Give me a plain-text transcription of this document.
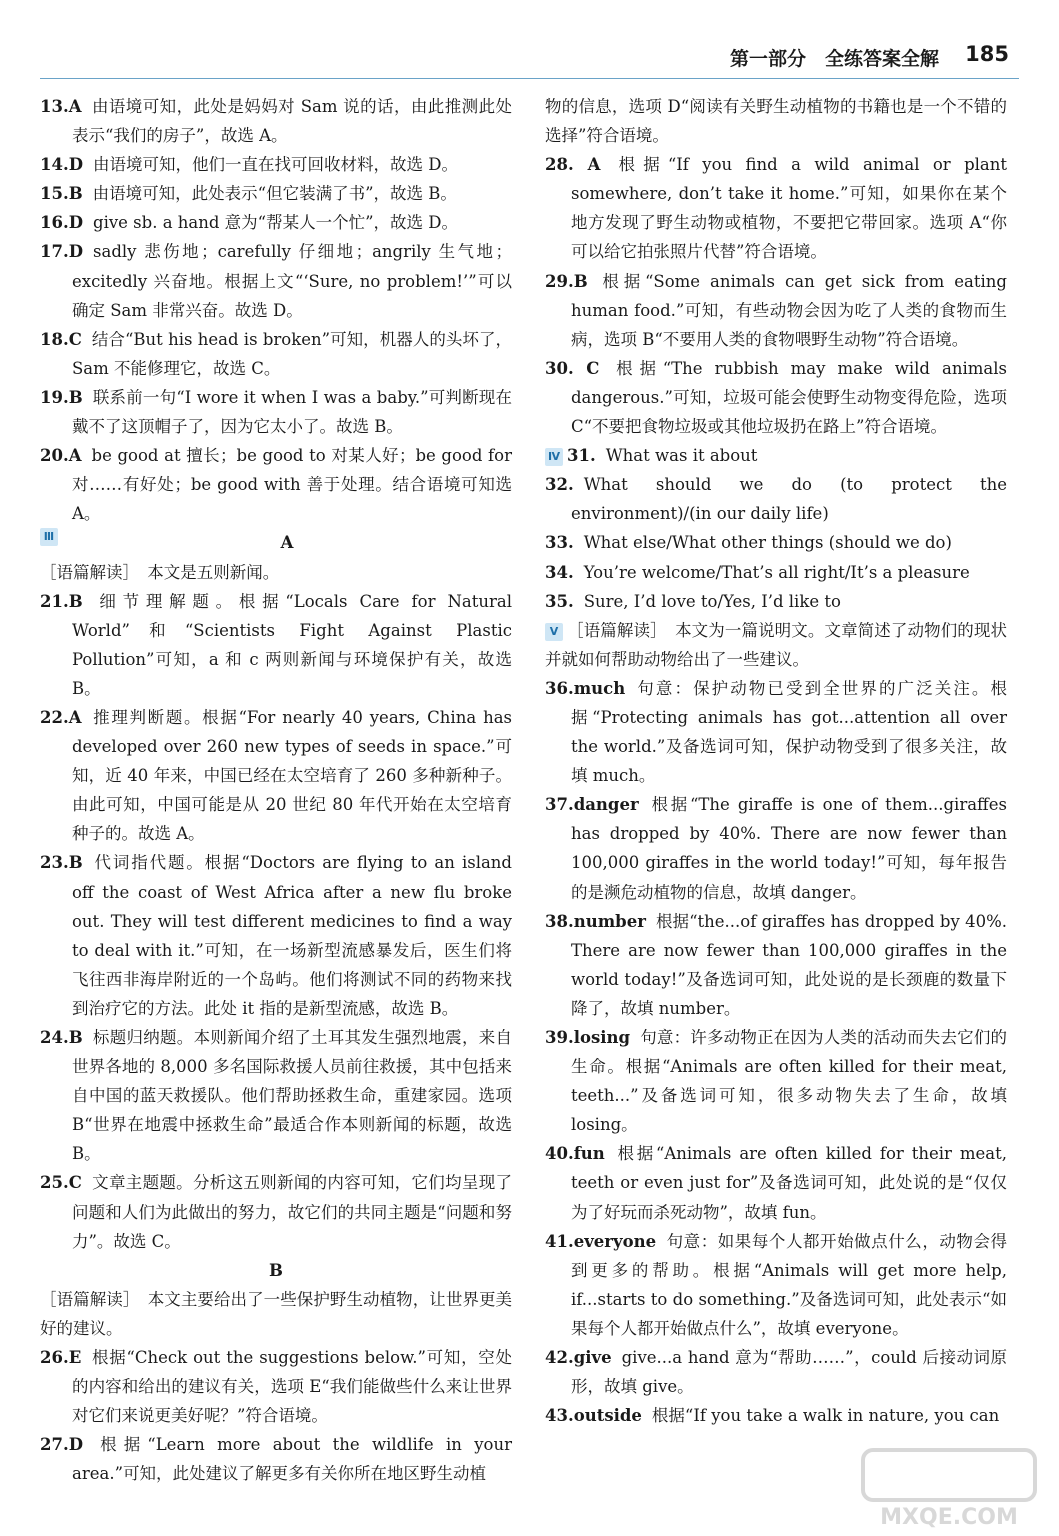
第一部分　全练答案全解 185

13.A 由语境可知，此处是妈妈对 Sam 说的话，由此推测此处表示“我们的房子”，故选 A。

14.D 由语境可知，他们一直在找可回收材料，故选 D。

15.B 由语境可知，此处表示“但它装满了书”，故选 B。

16.D give sb. a hand 意为“帮某人一个忙”，故选 D。

17.D sadly 悲伤地；carefully 仔细地；angrily 生气地；excitedly 兴奋地。根据上文“‘Sure, no problem!’”可以确定 Sam 非常兴奋。故选 D。

18.C 结合“But his head is broken”可知，机器人的头坏了，Sam 不能修理它，故选 C。

19.B 联系前一句“I wore it when I was a baby.”可判断现在戴不了这顶帽子了，因为它太小了。故选 B。

20.A be good at 擅长；be good to 对某人好；be good for 对……有好处；be good with 善于处理。结合语境可知选 A。

Ⅲ	A

［语篇解读］　本文是五则新闻。

21.B 细节理解题。根据“Locals Care for Natural World”和“Scientists Fight Against Plastic Pollution”可知，a 和 c 两则新闻与环境保护有关，故选 B。

22.A 推理判断题。根据“For nearly 40 years, China has developed over 260 new types of seeds in space.”可知，近 40 年来，中国已经在太空培育了 260 多种新种子。由此可知，中国可能是从 20 世纪 80 年代开始在太空培育种子的。故选 A。

23.B 代词指代题。根据“Doctors are flying to an island off the coast of West Africa after a new flu broke out. They will test different medicines to find a way to deal with it.”可知，在一场新型流感暴发后，医生们将飞往西非海岸附近的一个岛屿。他们将测试不同的药物来找到治疗它的方法。此处 it 指的是新型流感，故选 B。

24.B 标题归纳题。本则新闻介绍了土耳其发生强烈地震，来自世界各地的 8,000 多名国际救援人员前往救援，其中包括来自中国的蓝天救援队。他们帮助拯救生命，重建家园。选项 B“世界在地震中拯救生命”最适合作本则新闻的标题，故选 B。

25.C 文章主题题。分析这五则新闻的内容可知，它们均呈现了问题和人们为此做出的努力，故它们的共同主题是“问题和努力”。故选 C。

B

［语篇解读］　本文主要给出了一些保护野生动植物，让世界更美好的建议。

26.E 根据“Check out the suggestions below.”可知，空处的内容和给出的建议有关，选项 E“我们能做些什么来让世界对它们来说更美好呢？”符合语境。

27.D 根据“Learn more about the wildlife in your area.”可知，此处建议了解更多有关你所在地区野生动植

物的信息，选项 D“阅读有关野生动植物的书籍也是一个不错的选择”符合语境。

28. A 根据“If you find a wild animal or plant somewhere, don’t take it home.”可知，如果你在某个地方发现了野生动物或植物，不要把它带回家。选项 A“你可以给它拍张照片代替”符合语境。

29.B 根据“Some animals can get sick from eating human food.”可知，有些动物会因为吃了人类的食物而生病，选项 B“不要用人类的食物喂野生动物”符合语境。

30. C 根据“The rubbish may make wild animals dangerous.”可知，垃圾可能会使野生动物变得危险，选项 C“不要把食物垃圾或其他垃圾扔在路上”符合语境。

Ⅳ 31. What was it about

32. What should we do (to protect the environment)/(in our daily life)

33. What else/What other things (should we do)

34. You’re welcome/That’s all right/It’s a pleasure

35. Sure, I’d love to/Yes, I’d like to

Ⅴ ［语篇解读］　本文为一篇说明文。文章简述了动物们的现状并就如何帮助动物给出了一些建议。

36.much 句意：保护动物已受到全世界的广泛关注。根据“Protecting animals has got...attention all over the world.”及备选词可知，保护动物受到了很多关注，故填 much。

37.danger 根据“The giraffe is one of them...giraffes has dropped by 40%. There are now fewer than 100,000 giraffes in the world today!”可知，每年报告的是濒危动植物的信息，故填 danger。

38.number 根据“the...of giraffes has dropped by 40%. There are now fewer than 100,000 giraffes in the world today!”及备选词可知，此处说的是长颈鹿的数量下降了，故填 number。

39.losing 句意：许多动物正在因为人类的活动而失去它们的生命。根据“Animals are often killed for their meat, teeth...”及备选词可知，很多动物失去了生命，故填 losing。

40.fun 根据“Animals are often killed for their meat, teeth or even just for”及备选词可知，此处说的是“仅仅为了好玩而杀死动物”，故填 fun。

41.everyone 句意：如果每个人都开始做点什么，动物会得到更多的帮助。根据“Animals will get more help, if...starts to do something.”及备选词可知，此处表示“如果每个人都开始做点什么”，故填 everyone。

42.give give...a hand 意为“帮助……”，could 后接动词原形，故填 give。

43.outside 根据“If you take a walk in nature, you can

MXQE.COM
